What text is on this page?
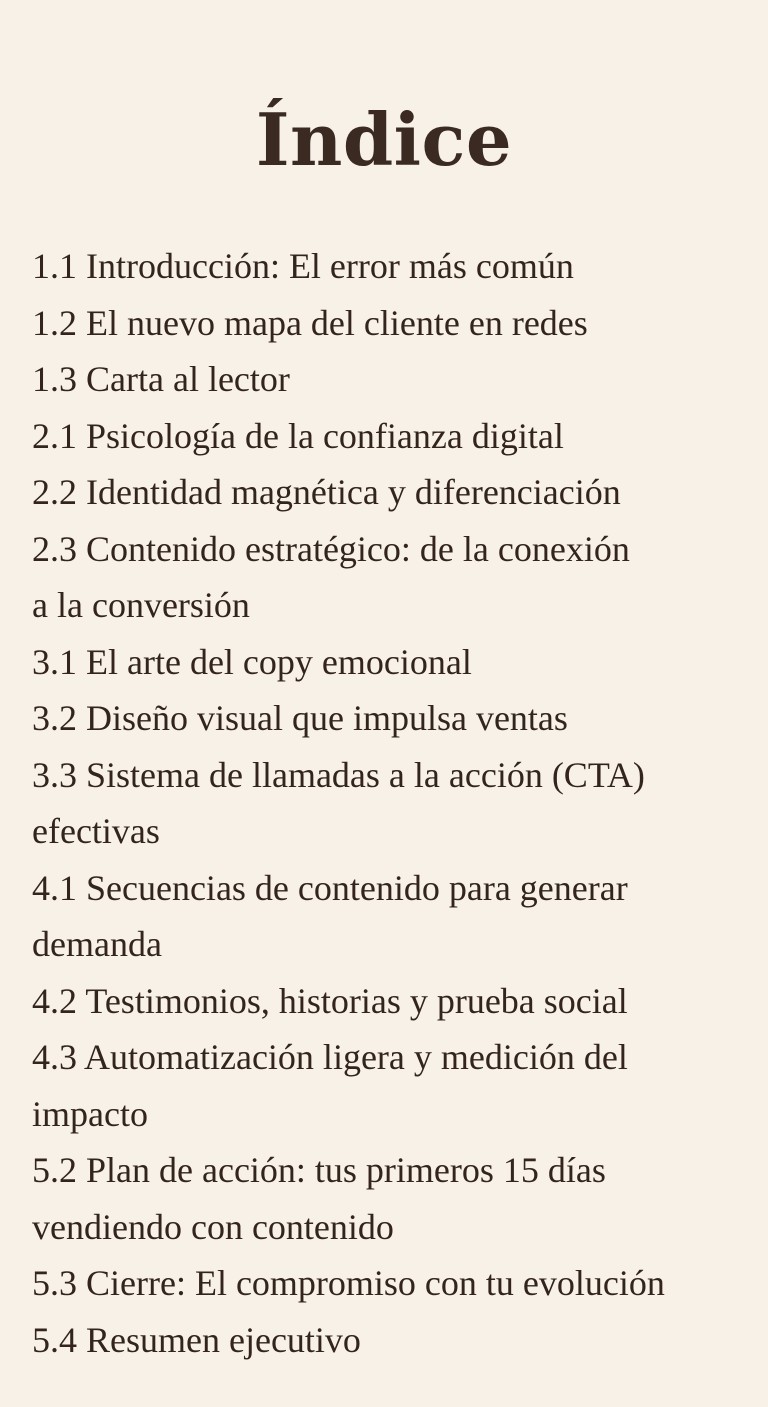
Índice
1.1 Introducción: El error más común
1.2 El nuevo mapa del cliente en redes
1.3 Carta al lector
2.1 Psicología de la confianza digital
2.2 Identidad magnética y diferenciación
2.3 Contenido estratégico: de la conexión
a la conversión
3.1 El arte del copy emocional
3.2 Diseño visual que impulsa ventas
3.3 Sistema de llamadas a la acción (CTA)
efectivas
4.1 Secuencias de contenido para generar
demanda
4.2 Testimonios, historias y prueba social
4.3 Automatización ligera y medición del
impacto
5.2 Plan de acción: tus primeros 15 días
vendiendo con contenido
5.3 Cierre: El compromiso con tu evolución
5.4 Resumen ejecutivo
